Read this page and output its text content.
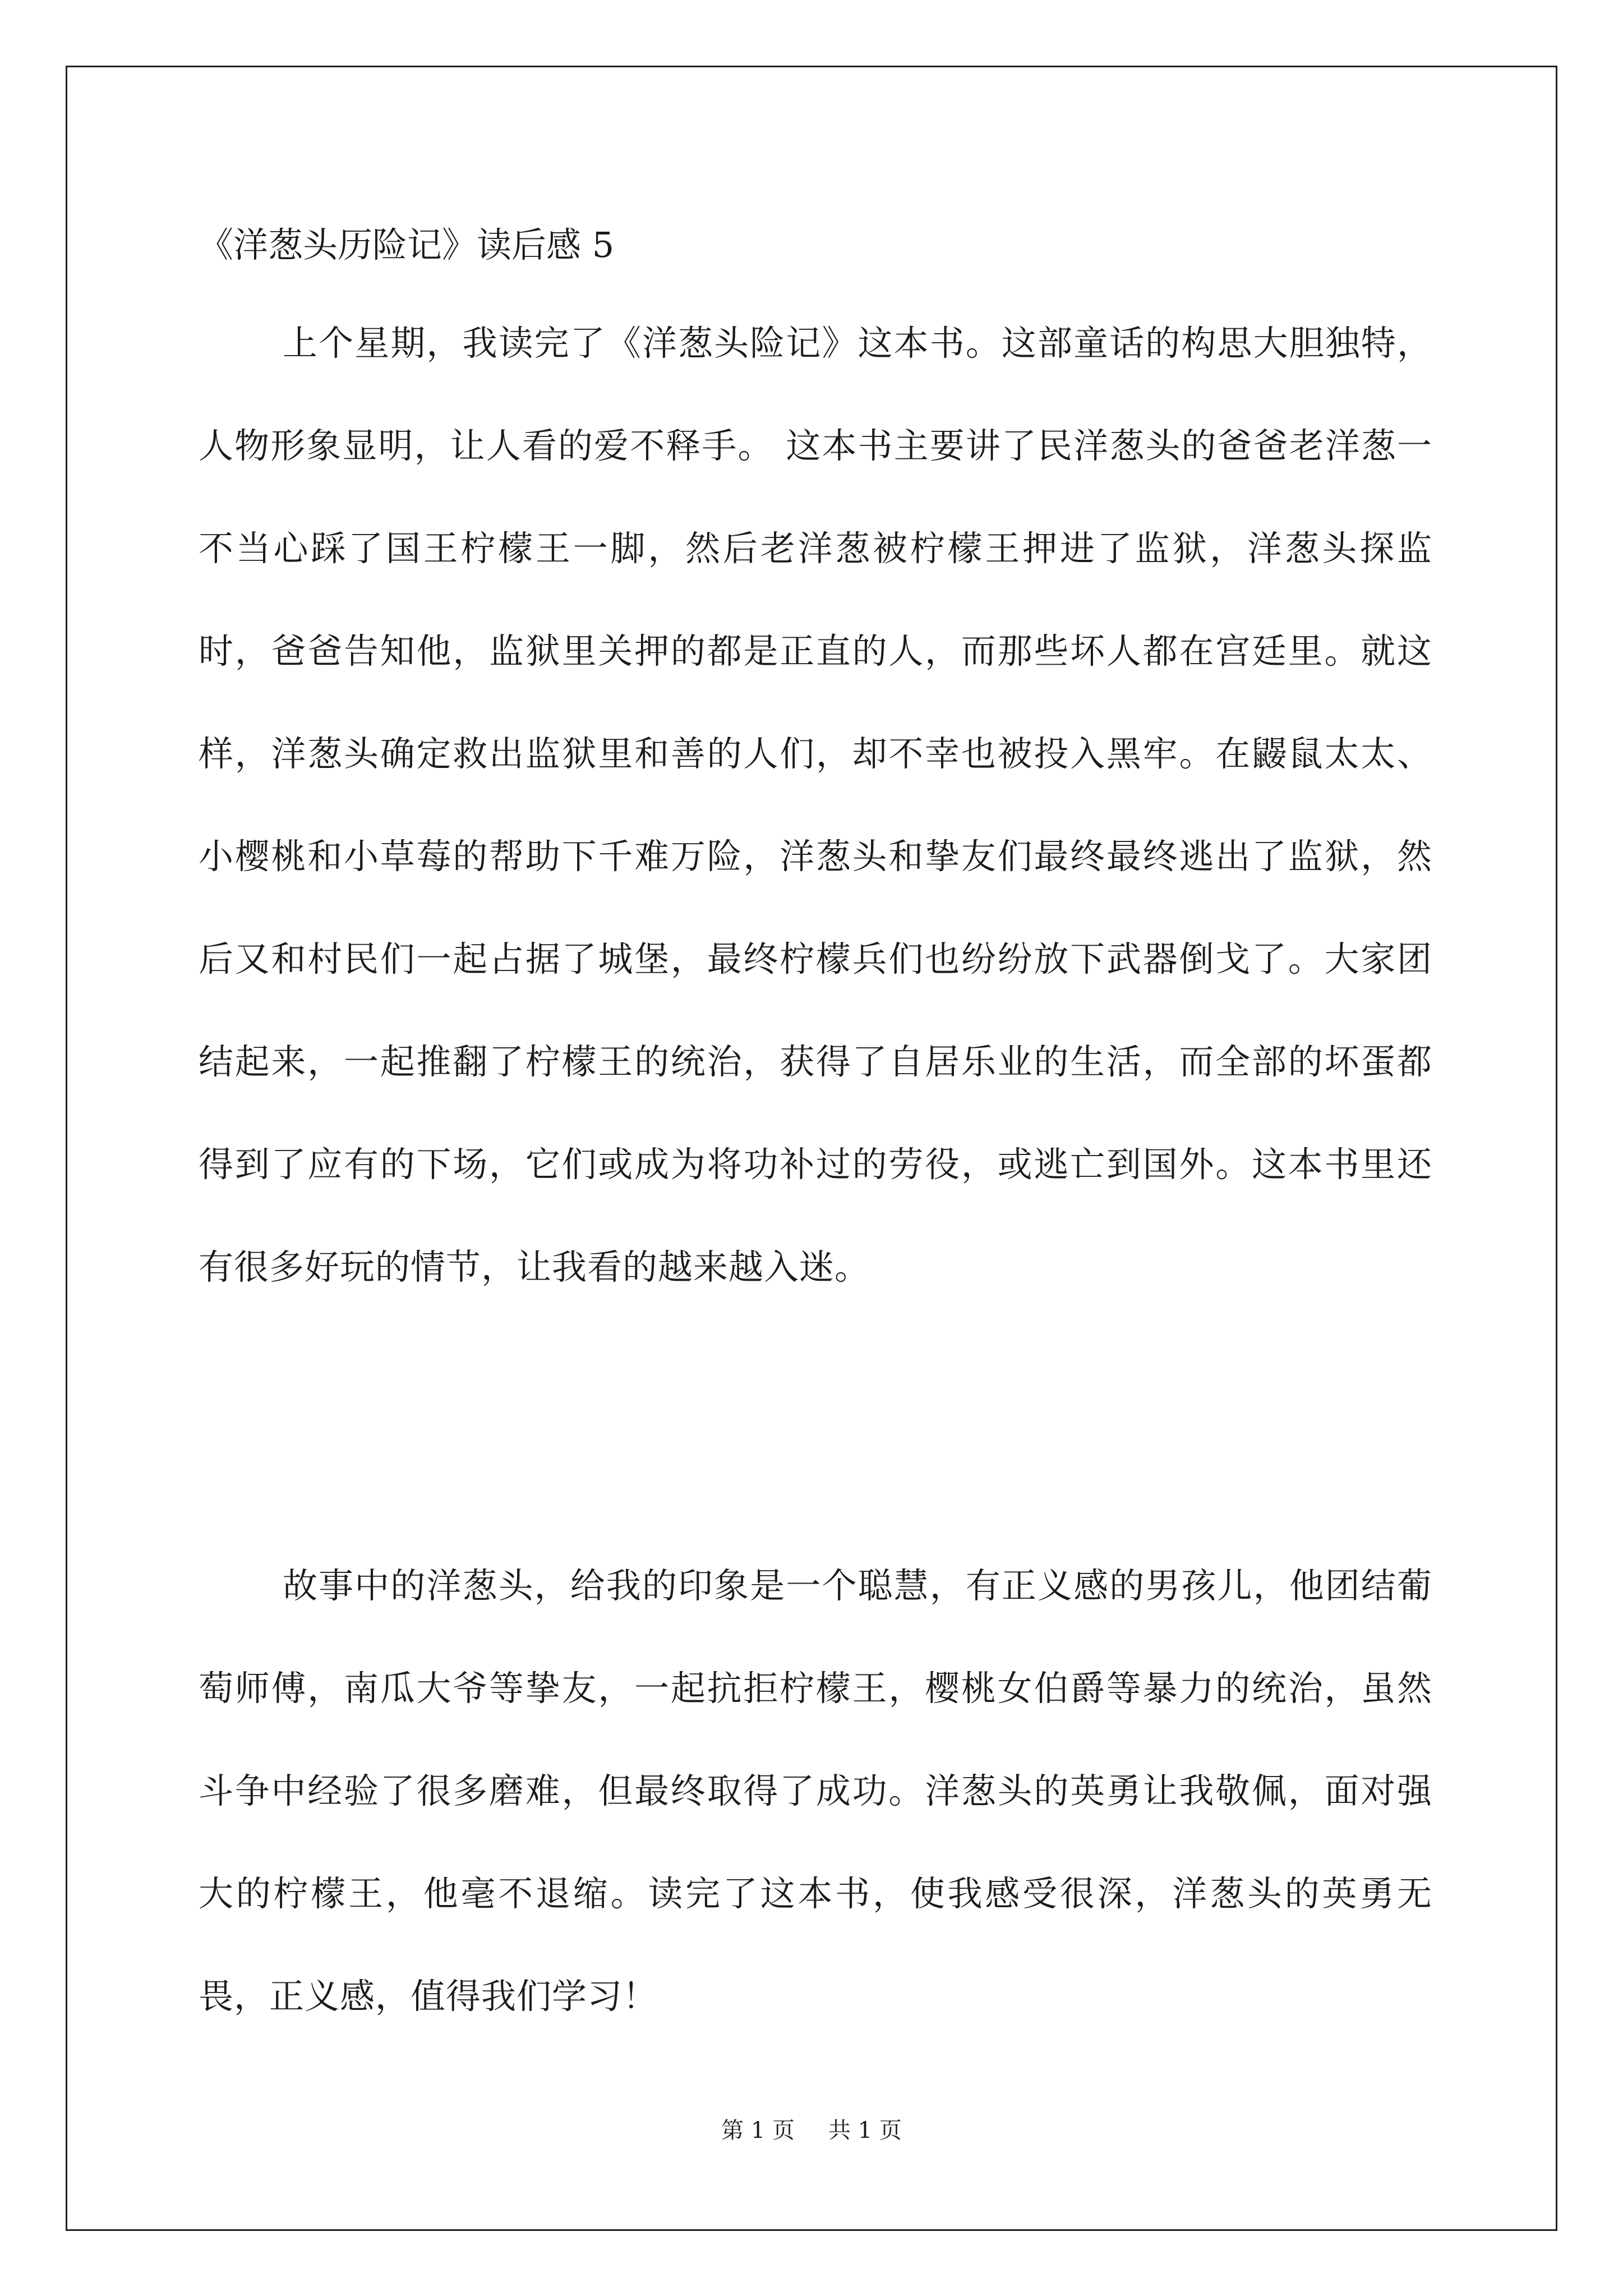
《洋葱头历险记》读后感 5

上个星期，我读完了《洋葱头险记》这本书。这部童话的构思大胆独特，人物形象显明，让人看的爱不释手。 这本书主要讲了民洋葱头的爸爸老洋葱一不当心踩了国王柠檬王一脚，然后老洋葱被柠檬王押进了监狱，洋葱头探监时，爸爸告知他，监狱里关押的都是正直的人，而那些坏人都在宫廷里。就这样，洋葱头确定救出监狱里和善的人们，却不幸也被投入黑牢。在鼹鼠太太、小樱桃和小草莓的帮助下千难万险，洋葱头和挚友们最终最终逃出了监狱，然后又和村民们一起占据了城堡，最终柠檬兵们也纷纷放下武器倒戈了。大家团结起来，一起推翻了柠檬王的统治，获得了自居乐业的生活，而全部的坏蛋都得到了应有的下场，它们或成为将功补过的劳役，或逃亡到国外。这本书里还有很多好玩的情节，让我看的越来越入迷。

故事中的洋葱头，给我的印象是一个聪慧，有正义感的男孩儿，他团结葡萄师傅，南瓜大爷等挚友，一起抗拒柠檬王，樱桃女伯爵等暴力的统治，虽然斗争中经验了很多磨难，但最终取得了成功。洋葱头的英勇让我敬佩，面对强大的柠檬王，他毫不退缩。读完了这本书，使我感受很深，洋葱头的英勇无畏，正义感，值得我们学习！

第 1 页 共 1 页
